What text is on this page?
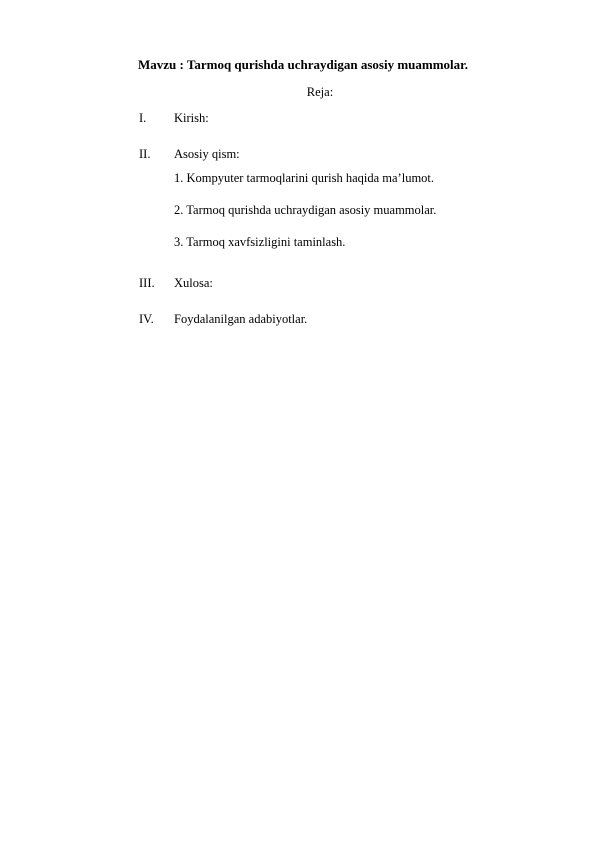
Mavzu : Tarmoq qurishda uchraydigan asosiy muammolar.
Reja:
I. Kirish:
II. Asosiy qism:
1. Kompyuter tarmoqlarini qurish haqida ma’lumot.
2. Tarmoq qurishda uchraydigan asosiy muammolar.
3. Tarmoq xavfsizligini taminlash.
III. Xulosa:
IV. Foydalanilgan adabiyotlar.
